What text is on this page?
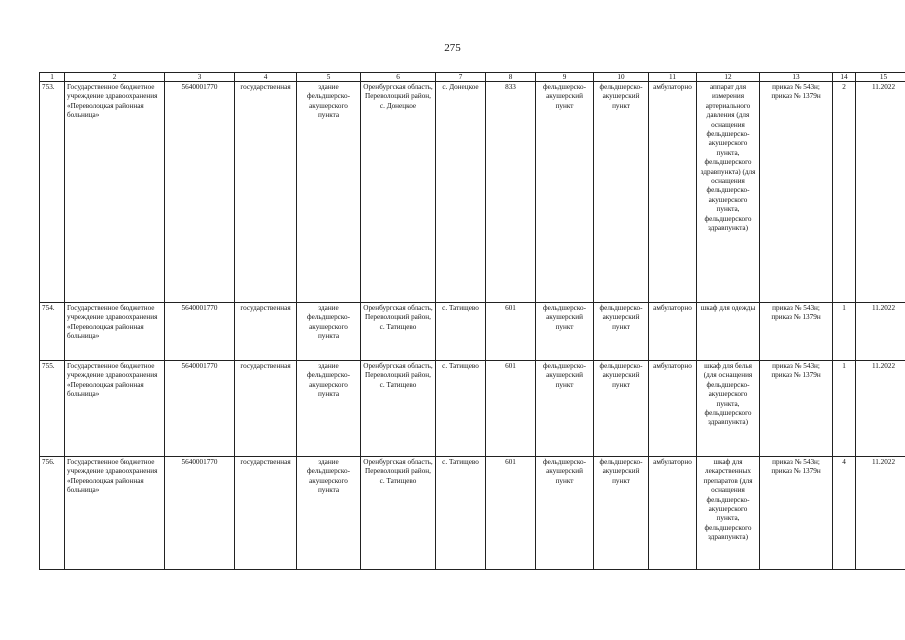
275
1	2	3	4	5	6	7	8	9	10	11	12	13	14	15
753.	Государственное бюджетное учреждение здравоохранения «Переволоцкая районная больница»	5640001770	государственная	здание фельдшерско-акушерского пункта	Оренбургская область, Переволоцкий район, с. Донецкое	с. Донецкое	833	фельдшерско-акушерский пункт	фельдшерско-акушерский пункт	амбулаторно	аппарат для измерения артериального давления (для оснащения фельдшерско-акушерского пункта, фельдшерского здравпункта) (для оснащения фельдшерско-акушерского пункта, фельдшерского здравпункта)	приказ № 543н; приказ № 1379н	2	11.2022
754.	Государственное бюджетное учреждение здравоохранения «Переволоцкая районная больница»	5640001770	государственная	здание фельдшерско-акушерского пункта	Оренбургская область, Переволоцкий район, с. Татищево	с. Татищево	601	фельдшерско-акушерский пункт	фельдшерско-акушерский пункт	амбулаторно	шкаф для одежды	приказ № 543н; приказ № 1379н	1	11.2022
755.	Государственное бюджетное учреждение здравоохранения «Переволоцкая районная больница»	5640001770	государственная	здание фельдшерско-акушерского пункта	Оренбургская область, Переволоцкий район, с. Татищево	с. Татищево	601	фельдшерско-акушерский пункт	фельдшерско-акушерский пункт	амбулаторно	шкаф для белья (для оснащения фельдшерско-акушерского пункта, фельдшерского здравпункта)	приказ № 543н; приказ № 1379н	1	11.2022
756.	Государственное бюджетное учреждение здравоохранения «Переволоцкая районная больница»	5640001770	государственная	здание фельдшерско-акушерского пункта	Оренбургская область, Переволоцкий район, с. Татищево	с. Татищево	601	фельдшерско-акушерский пункт	фельдшерско-акушерский пункт	амбулаторно	шкаф для лекарственных препаратов (для оснащения фельдшерско-акушерского пункта, фельдшерского здравпункта)	приказ № 543н; приказ № 1379н	4	11.2022
